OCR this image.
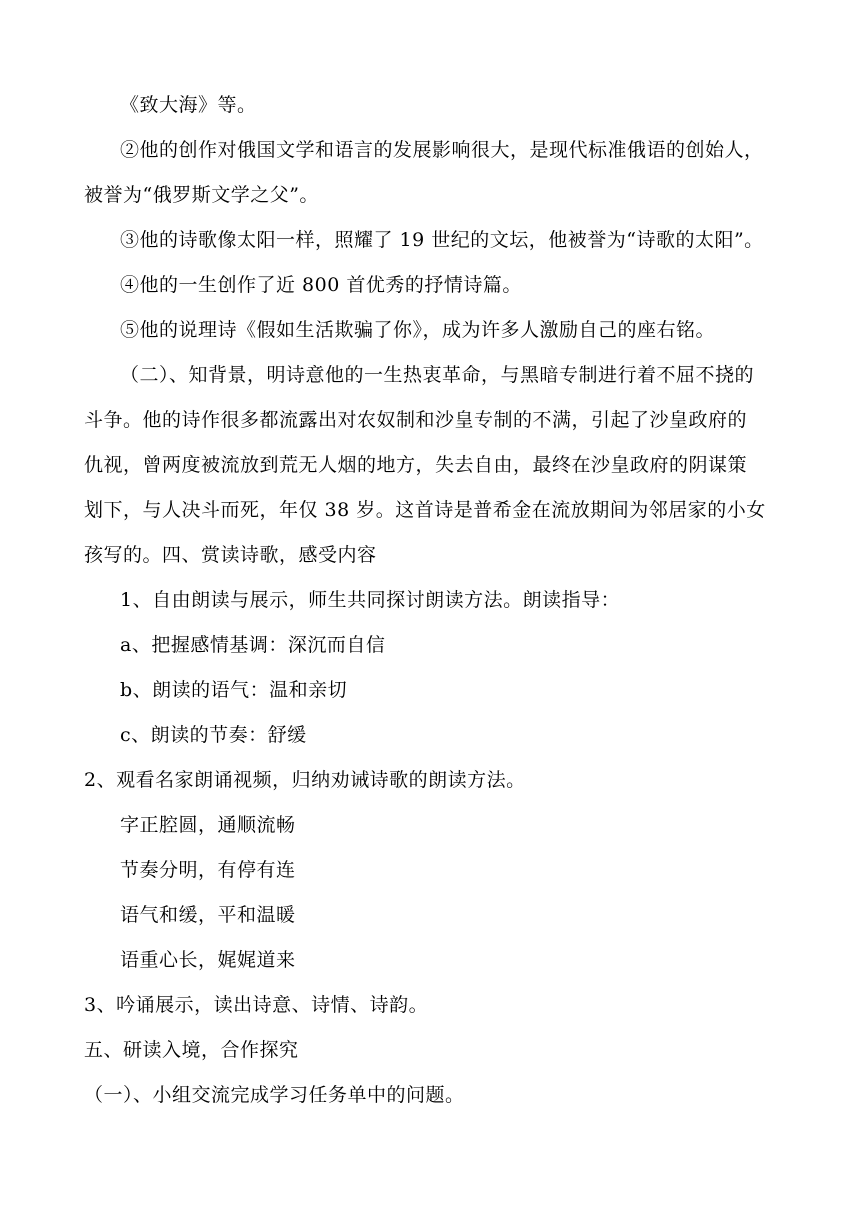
《致大海》等。
②他的创作对俄国文学和语言的发展影响很大，是现代标准俄语的创始人，
被誉为“俄罗斯文学之父”。
③他的诗歌像太阳一样，照耀了 19 世纪的文坛，他被誉为“诗歌的太阳”。
④他的一生创作了近 800 首优秀的抒情诗篇。
⑤他的说理诗《假如生活欺骗了你》，成为许多人激励自己的座右铭。
（二）、知背景，明诗意他的一生热衷革命，与黑暗专制进行着不屈不挠的
斗争。他的诗作很多都流露出对农奴制和沙皇专制的不满，引起了沙皇政府的
仇视，曾两度被流放到荒无人烟的地方，失去自由，最终在沙皇政府的阴谋策
划下，与人决斗而死，年仅 38 岁。这首诗是普希金在流放期间为邻居家的小女
孩写的。四、赏读诗歌，感受内容
1、自由朗读与展示，师生共同探讨朗读方法。朗读指导：
a、把握感情基调：深沉而自信
b、朗读的语气：温和亲切
c、朗读的节奏：舒缓
2、观看名家朗诵视频，归纳劝诫诗歌的朗读方法。
字正腔圆，通顺流畅
节奏分明，有停有连
语气和缓，平和温暖
语重心长，娓娓道来
3、吟诵展示，读出诗意、诗情、诗韵。
五、研读入境，合作探究
（一）、小组交流完成学习任务单中的问题。
